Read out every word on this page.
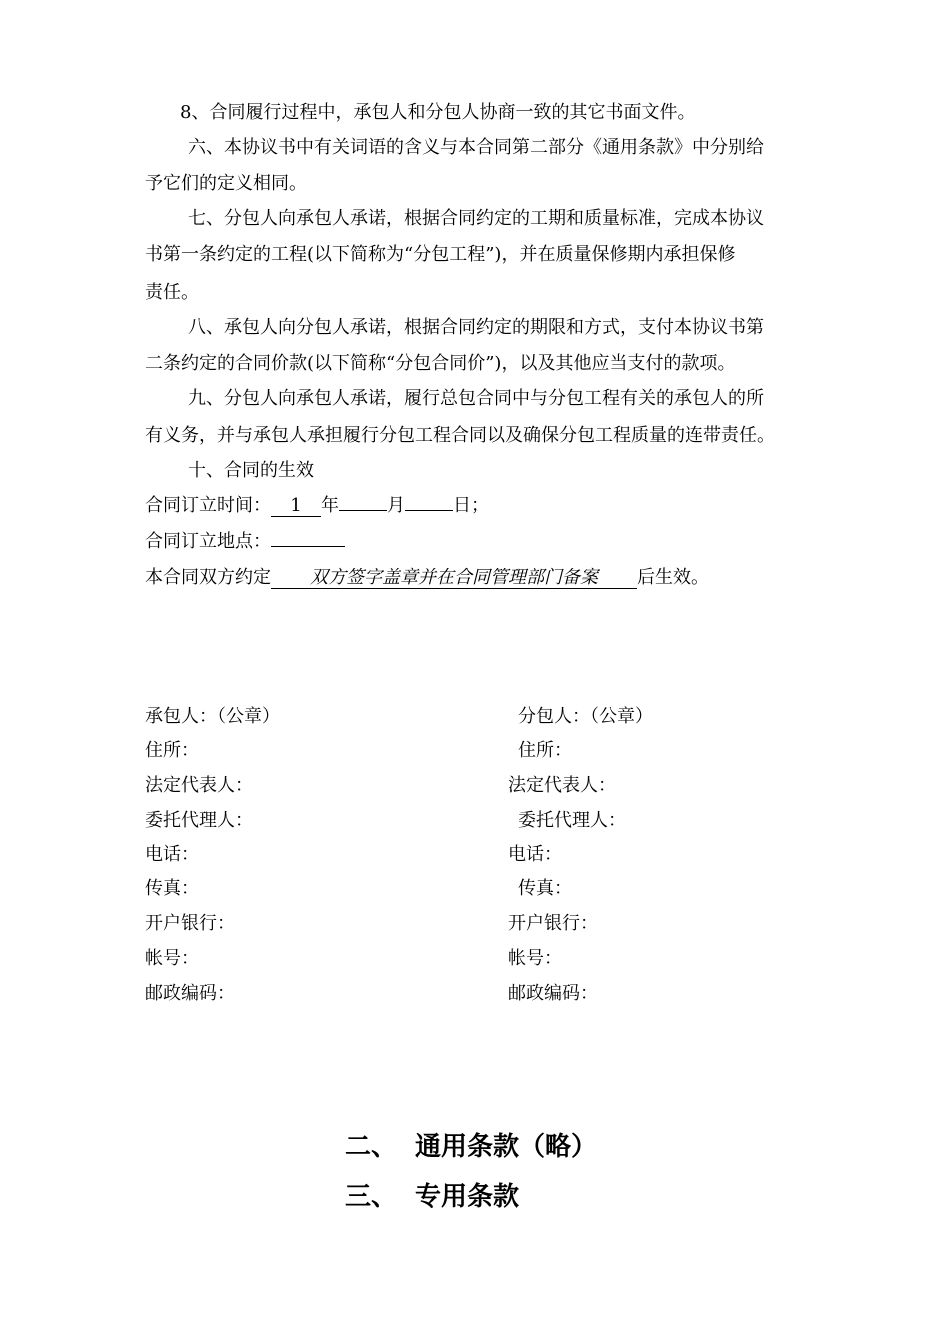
8、合同履行过程中，承包人和分包人协商一致的其它书面文件。
六、本协议书中有关词语的含义与本合同第二部分《通用条款》中分别给
予它们的定义相同。
七、分包人向承包人承诺，根据合同约定的工期和质量标准，完成本协议
书第一条约定的工程(以下简称为“分包工程”)，并在质量保修期内承担保修
责任。
八、承包人向分包人承诺，根据合同约定的期限和方式，支付本协议书第
二条约定的合同价款(以下简称“分包合同价”)，以及其他应当支付的款项。
九、分包人向承包人承诺，履行总包合同中与分包工程有关的承包人的所
有义务，并与承包人承担履行分包工程合同以及确保分包工程质量的连带责任。
十、合同的生效
合同订立时间： 1 年	月	日；
合同订立地点：
本合同双方约定 双方签字盖章并在合同管理部门备案 后生效。
承包人：（公章）
住所：
法定代表人：
委托代理人：
电话：
传真：
开户银行：
帐号：
邮政编码：
分包人：（公章）
住所：
法定代表人：
委托代理人：
电话：
传真：
开户银行：
帐号：
邮政编码：
二、 通用条款（略）
三、 专用条款
